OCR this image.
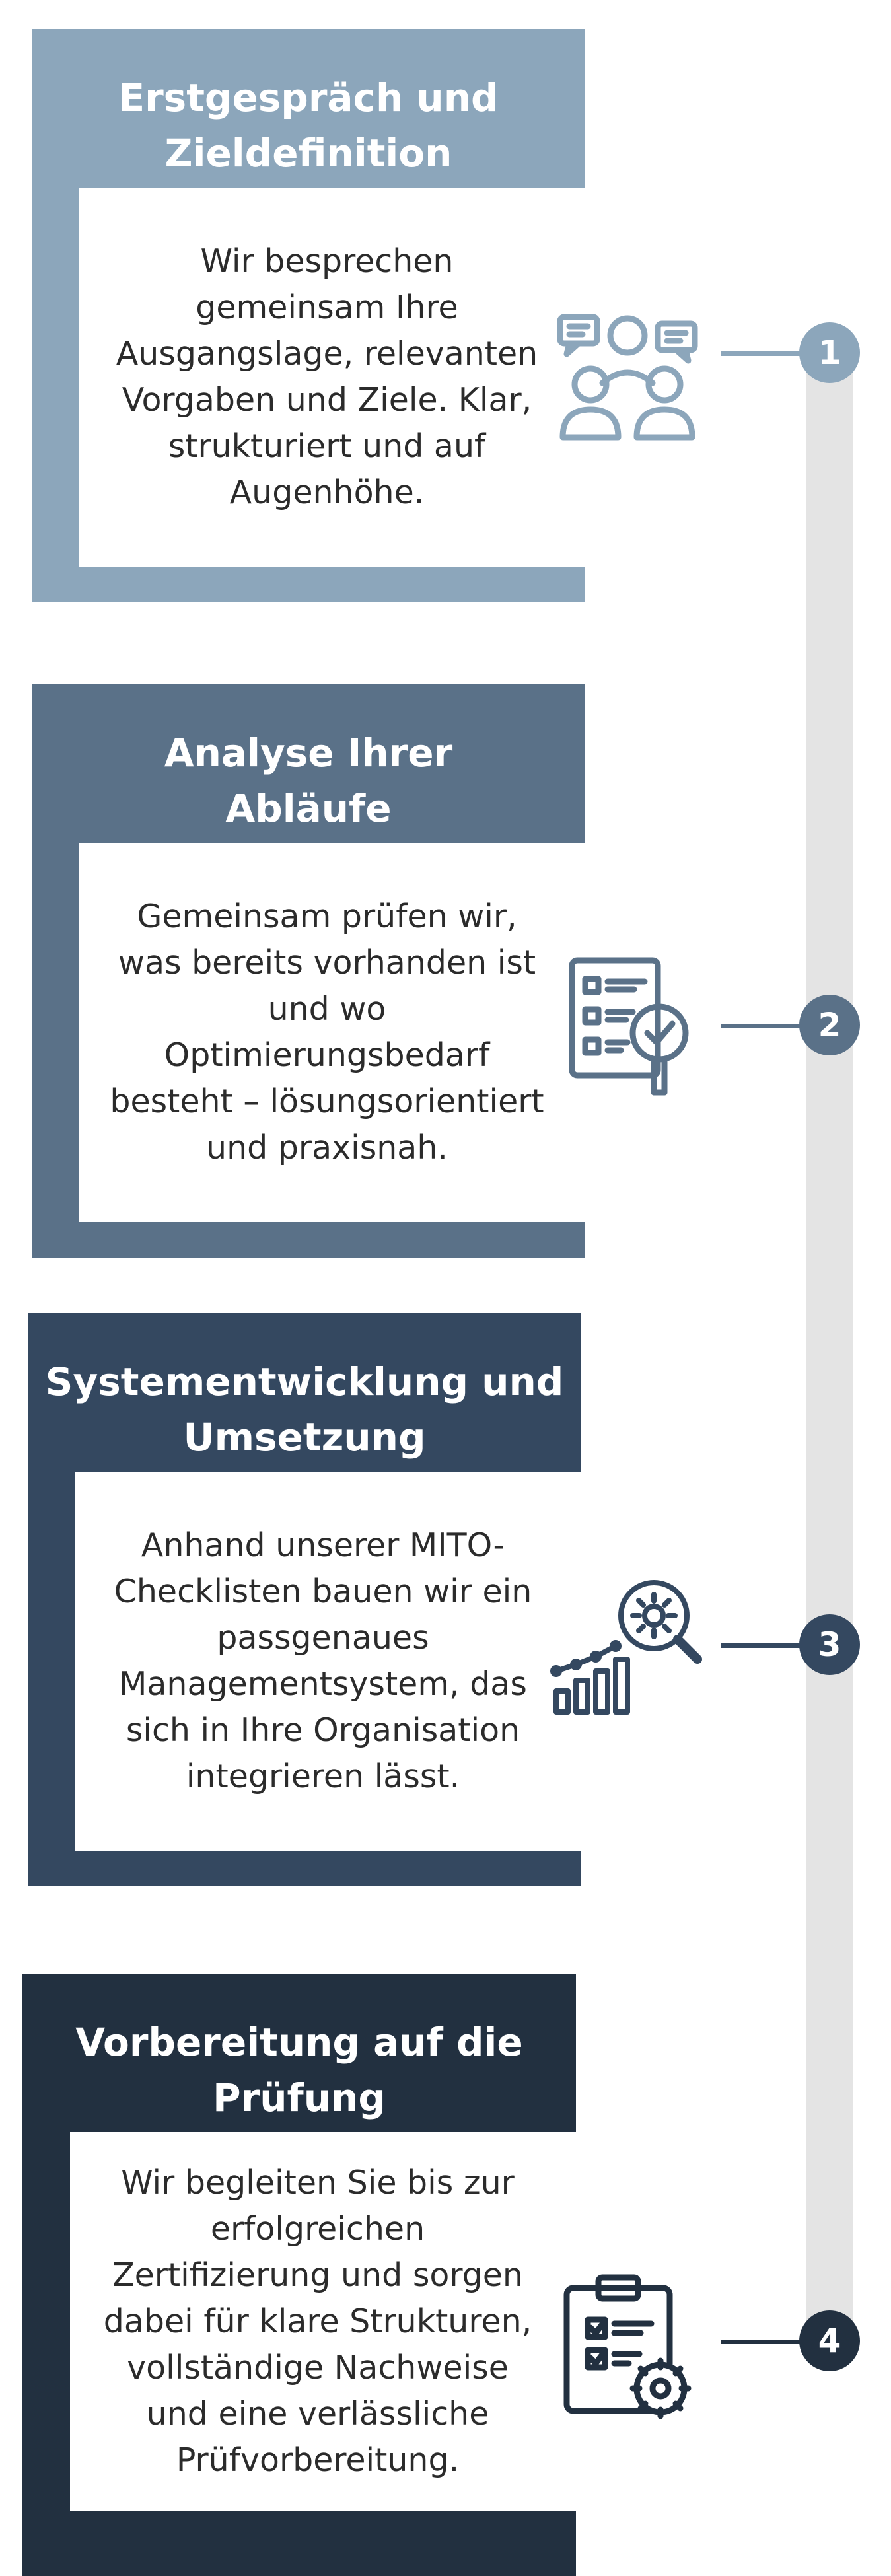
Erstgespräch und Zieldefinition
Wir besprechen gemeinsam Ihre Ausgangslage, relevanten Vorgaben und Ziele. Klar, strukturiert und auf Augenhöhe.
1
Analyse Ihrer Abläufe
Gemeinsam prüfen wir, was bereits vorhanden ist und wo Optimierungsbedarf besteht – lösungsorientiert und praxisnah.
2
Systementwicklung und Umsetzung
Anhand unserer MITO-Checklisten bauen wir ein passgenaues Managementsystem, das sich in Ihre Organisation integrieren lässt.
3
Vorbereitung auf die Prüfung
Wir begleiten Sie bis zur erfolgreichen Zertifizierung und sorgen dabei für klare Strukturen, vollständige Nachweise und eine verlässliche Prüfvorbereitung.
4
